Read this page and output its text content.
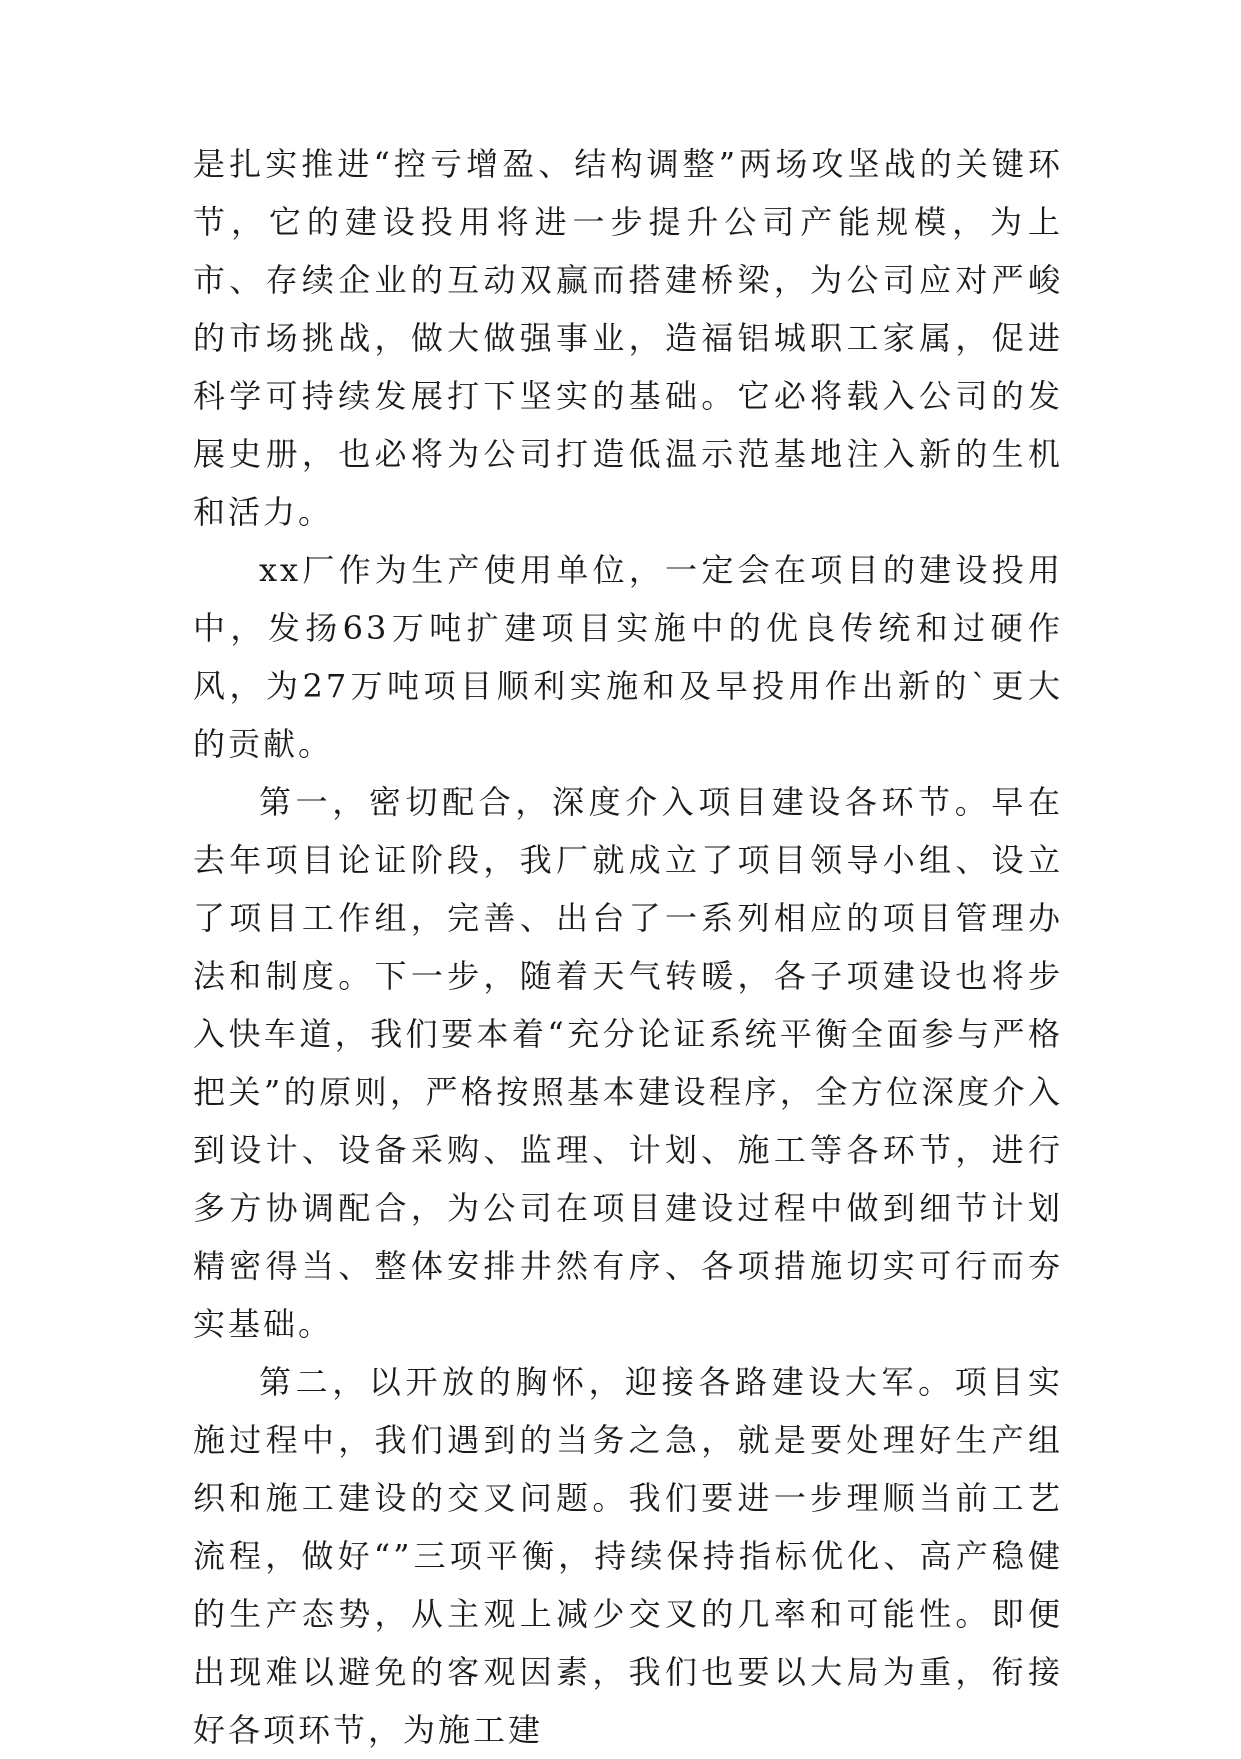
是扎实推进“控亏增盈、结构调整”两场攻坚战的关键环节，它的建设投用将进一步提升公司产能规模，为上市、存续企业的互动双赢而搭建桥梁，为公司应对严峻的市场挑战，做大做强事业，造福铝城职工家属，促进科学可持续发展打下坚实的基础。它必将载入公司的发展史册，也必将为公司打造低温示范基地注入新的生机和活力。

xx厂作为生产使用单位，一定会在项目的建设投用中，发扬63万吨扩建项目实施中的优良传统和过硬作风，为27万吨项目顺利实施和及早投用作出新的`更大的贡献。

第一，密切配合，深度介入项目建设各环节。早在去年项目论证阶段，我厂就成立了项目领导小组、设立了项目工作组，完善、出台了一系列相应的项目管理办法和制度。下一步，随着天气转暖，各子项建设也将步入快车道，我们要本着“充分论证系统平衡全面参与严格把关”的原则，严格按照基本建设程序，全方位深度介入到设计、设备采购、监理、计划、施工等各环节，进行多方协调配合，为公司在项目建设过程中做到细节计划精密得当、整体安排井然有序、各项措施切实可行而夯实基础。

第二，以开放的胸怀，迎接各路建设大军。项目实施过程中，我们遇到的当务之急，就是要处理好生产组织和施工建设的交叉问题。我们要进一步理顺当前工艺流程，做好“”三项平衡，持续保持指标优化、高产稳健的生产态势，从主观上减少交叉的几率和可能性。即便出现难以避免的客观因素，我们也要以大局为重，衔接好各项环节，为施工建
